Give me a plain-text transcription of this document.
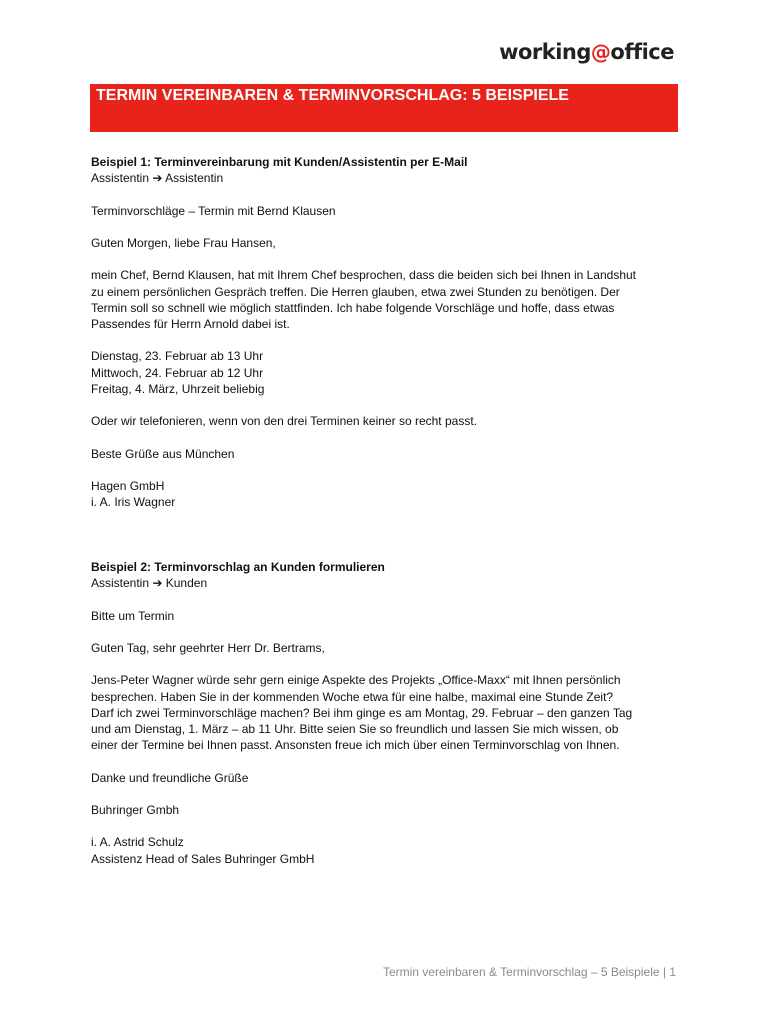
working@office
TERMIN VEREINBAREN & TERMINVORSCHLAG: 5 BEISPIELE
Beispiel 1: Terminvereinbarung mit Kunden/Assistentin per E-Mail
Assistentin ➔ Assistentin
Terminvorschläge – Termin mit Bernd Klausen
Guten Morgen, liebe Frau Hansen,
mein Chef, Bernd Klausen, hat mit Ihrem Chef besprochen, dass die beiden sich bei Ihnen in Landshut
zu einem persönlichen Gespräch treffen. Die Herren glauben, etwa zwei Stunden zu benötigen. Der
Termin soll so schnell wie möglich stattfinden. Ich habe folgende Vorschläge und hoffe, dass etwas
Passendes für Herrn Arnold dabei ist.
Dienstag, 23. Februar ab 13 Uhr
Mittwoch, 24. Februar ab 12 Uhr
Freitag, 4. März, Uhrzeit beliebig
Oder wir telefonieren, wenn von den drei Terminen keiner so recht passt.
Beste Grüße aus München
Hagen GmbH
i. A. Iris Wagner
Beispiel 2: Terminvorschlag an Kunden formulieren
Assistentin ➔ Kunden
Bitte um Termin
Guten Tag, sehr geehrter Herr Dr. Bertrams,
Jens-Peter Wagner würde sehr gern einige Aspekte des Projekts „Office-Maxx“ mit Ihnen persönlich
besprechen. Haben Sie in der kommenden Woche etwa für eine halbe, maximal eine Stunde Zeit?
Darf ich zwei Terminvorschläge machen? Bei ihm ginge es am Montag, 29. Februar – den ganzen Tag
und am Dienstag, 1. März – ab 11 Uhr. Bitte seien Sie so freundlich und lassen Sie mich wissen, ob
einer der Termine bei Ihnen passt. Ansonsten freue ich mich über einen Terminvorschlag von Ihnen.
Danke und freundliche Grüße
Buhringer Gmbh
i. A. Astrid Schulz
Assistenz Head of Sales Buhringer GmbH
Termin vereinbaren & Terminvorschlag – 5 Beispiele | 1
